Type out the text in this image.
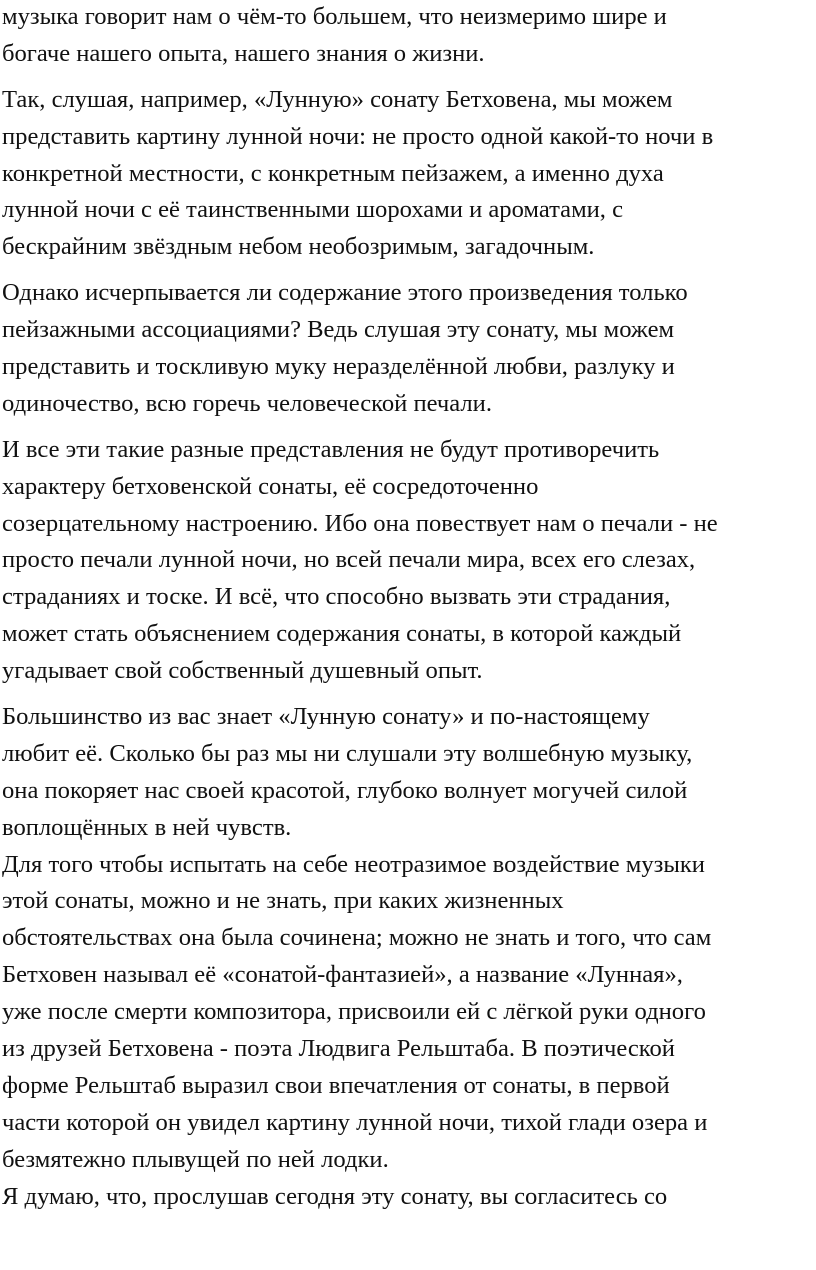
музыка говорит нам о чём-то большем, что неизмеримо шире и
богаче нашего опыта, нашего знания о жизни.
Так, слушая, например, «Лунную» сонату Бетховена, мы можем
представить картину лунной ночи: не просто одной какой-то ночи в
конкретной местности, с конкретным пейзажем, а именно духа
лунной ночи с её таинственными шорохами и ароматами, с
бескрайним звёздным небом необозримым, загадочным.
Однако исчерпывается ли содержание этого произведения только
пейзажными ассоциациями? Ведь слушая эту сонату, мы можем
представить и тоскливую муку неразделённой любви, разлуку и
одиночество, всю горечь человеческой печали.
И все эти такие разные представления не будут противоречить
характеру бетховенской сонаты, её сосредоточенно
созерцательному настроению. Ибо она повествует нам о печали - не
просто печали лунной ночи, но всей печали мира, всех его слезах,
страданиях и тоске. И всё, что способно вызвать эти страдания,
может стать объяснением содержания сонаты, в которой каждый
угадывает свой собственный душевный опыт.
Большинство из вас знает «Лунную сонату» и по-настоящему
любит её. Сколько бы раз мы ни слушали эту волшебную музыку,
она покоряет нас своей красотой, глубоко волнует могучей силой
воплощённых в ней чувств.
Для того чтобы испытать на себе неотразимое воздействие музыки
этой сонаты, можно и не знать, при каких жизненных
обстоятельствах она была сочинена; можно не знать и того, что сам
Бетховен называл её «сонатой-фантазией», а название «Лунная»,
уже после смерти композитора, присвоили ей с лёгкой руки одного
из друзей Бетховена - поэта Людвига Рельштаба. В поэтической
форме Рельштаб выразил свои впечатления от сонаты, в первой
части которой он увидел картину лунной ночи, тихой глади озера и
безмятежно плывущей по ней лодки.
Я думаю, что, прослушав сегодня эту сонату, вы согласитесь со
